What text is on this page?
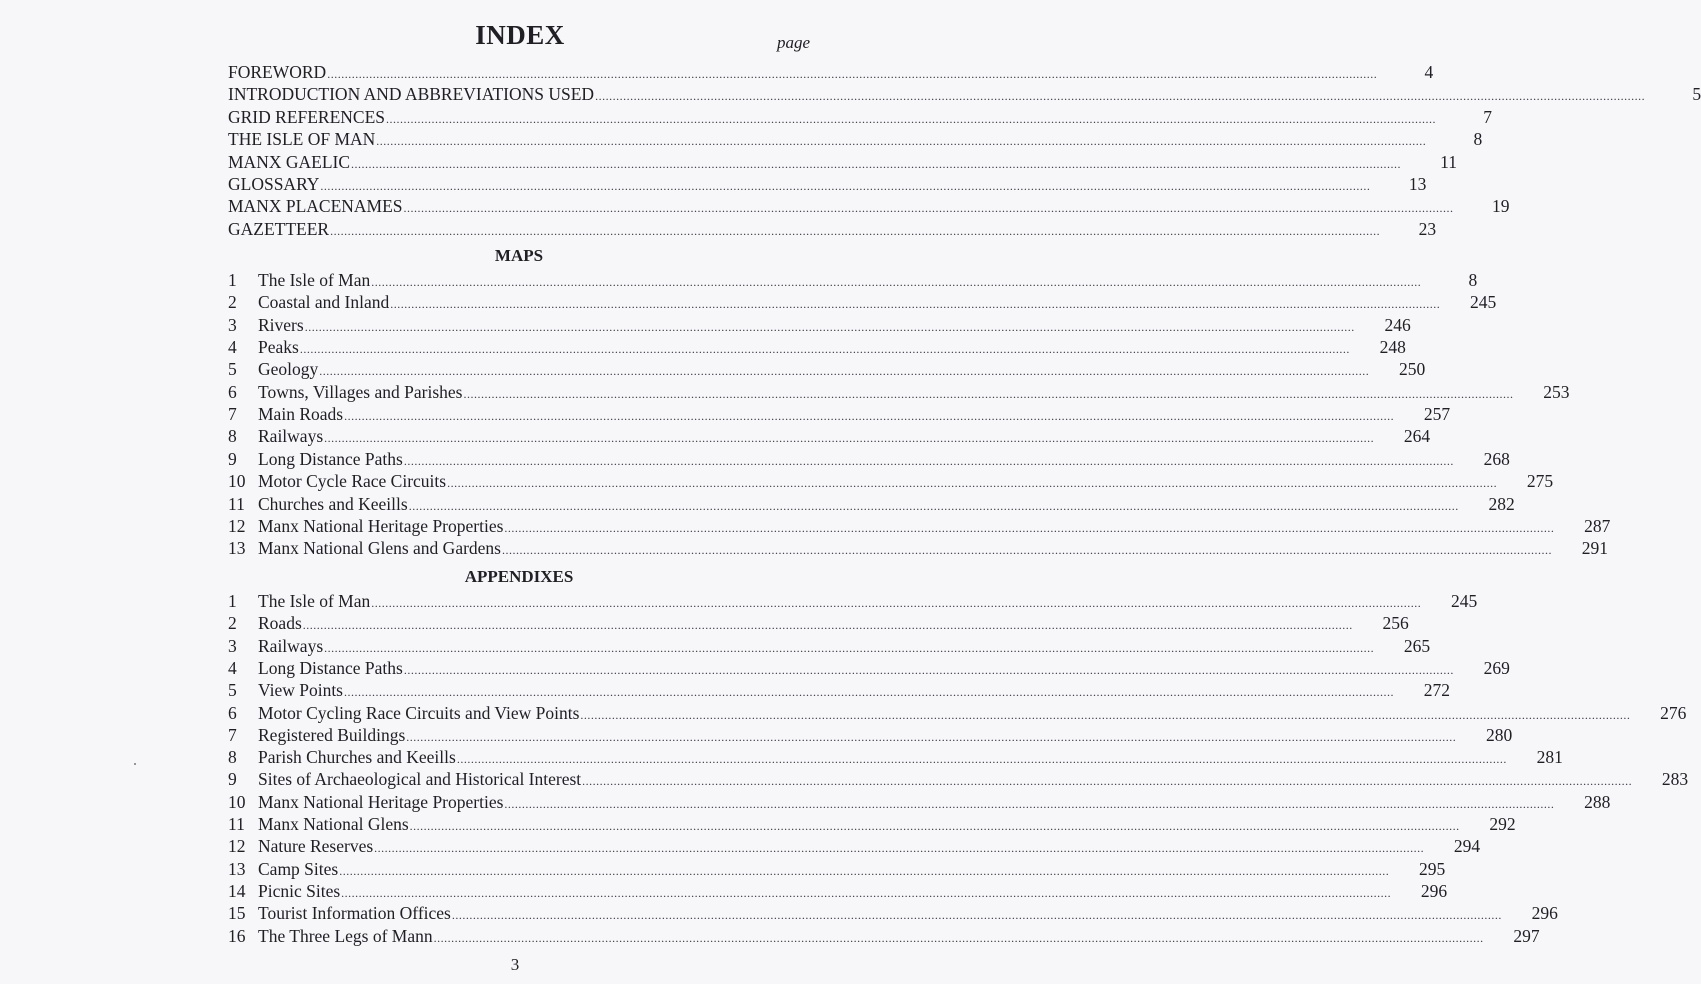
INDEX	page
FOREWORD ............................................................................................................................................................................................................................................................................................................	4
INTRODUCTION AND ABBREVIATIONS USED ............................................................................................................................................................................................................................................................................................................	5
GRID REFERENCES ............................................................................................................................................................................................................................................................................................................	7
THE ISLE OF MAN ............................................................................................................................................................................................................................................................................................................	8
MANX GAELIC ............................................................................................................................................................................................................................................................................................................	11
GLOSSARY ............................................................................................................................................................................................................................................................................................................	13
MANX PLACENAMES ............................................................................................................................................................................................................................................................................................................	19
GAZETTEER ............................................................................................................................................................................................................................................................................................................	23
MAPS
1	The Isle of Man ............................................................................................................................................................................................................................................................................................................	8
2	Coastal and Inland ............................................................................................................................................................................................................................................................................................................	245
3	Rivers ............................................................................................................................................................................................................................................................................................................	246
4	Peaks ............................................................................................................................................................................................................................................................................................................	248
5	Geology ............................................................................................................................................................................................................................................................................................................	250
6	Towns, Villages and Parishes ............................................................................................................................................................................................................................................................................................................	253
7	Main Roads ............................................................................................................................................................................................................................................................................................................	257
8	Railways ............................................................................................................................................................................................................................................................................................................	264
9	Long Distance Paths ............................................................................................................................................................................................................................................................................................................	268
10 Motor Cycle Race Circuits ............................................................................................................................................................................................................................................................................................................	275
11 Churches and Keeills ............................................................................................................................................................................................................................................................................................................	282
12 Manx National Heritage Properties ............................................................................................................................................................................................................................................................................................................	287
13 Manx National Glens and Gardens ............................................................................................................................................................................................................................................................................................................	291
APPENDIXES
1	The Isle of Man ............................................................................................................................................................................................................................................................................................................	245
2	Roads ............................................................................................................................................................................................................................................................................................................	256
3	Railways ............................................................................................................................................................................................................................................................................................................	265
4	Long Distance Paths ............................................................................................................................................................................................................................................................................................................	269
5	View Points ............................................................................................................................................................................................................................................................................................................	272
6	Motor Cycling Race Circuits and View Points ............................................................................................................................................................................................................................................................................................................	276
7	Registered Buildings ............................................................................................................................................................................................................................................................................................................	280
8	Parish Churches and Keeills ............................................................................................................................................................................................................................................................................................................	281
9	Sites of Archaeological and Historical Interest ............................................................................................................................................................................................................................................................................................................	283
10 Manx National Heritage Properties ............................................................................................................................................................................................................................................................................................................	288
11 Manx National Glens ............................................................................................................................................................................................................................................................................................................	292
12 Nature Reserves ............................................................................................................................................................................................................................................................................................................	294
13 Camp Sites ............................................................................................................................................................................................................................................................................................................	295
14 Picnic Sites ............................................................................................................................................................................................................................................................................................................	296
15 Tourist Information Offices ............................................................................................................................................................................................................................................................................................................	296
16 The Three Legs of Mann ............................................................................................................................................................................................................................................................................................................	297
3
